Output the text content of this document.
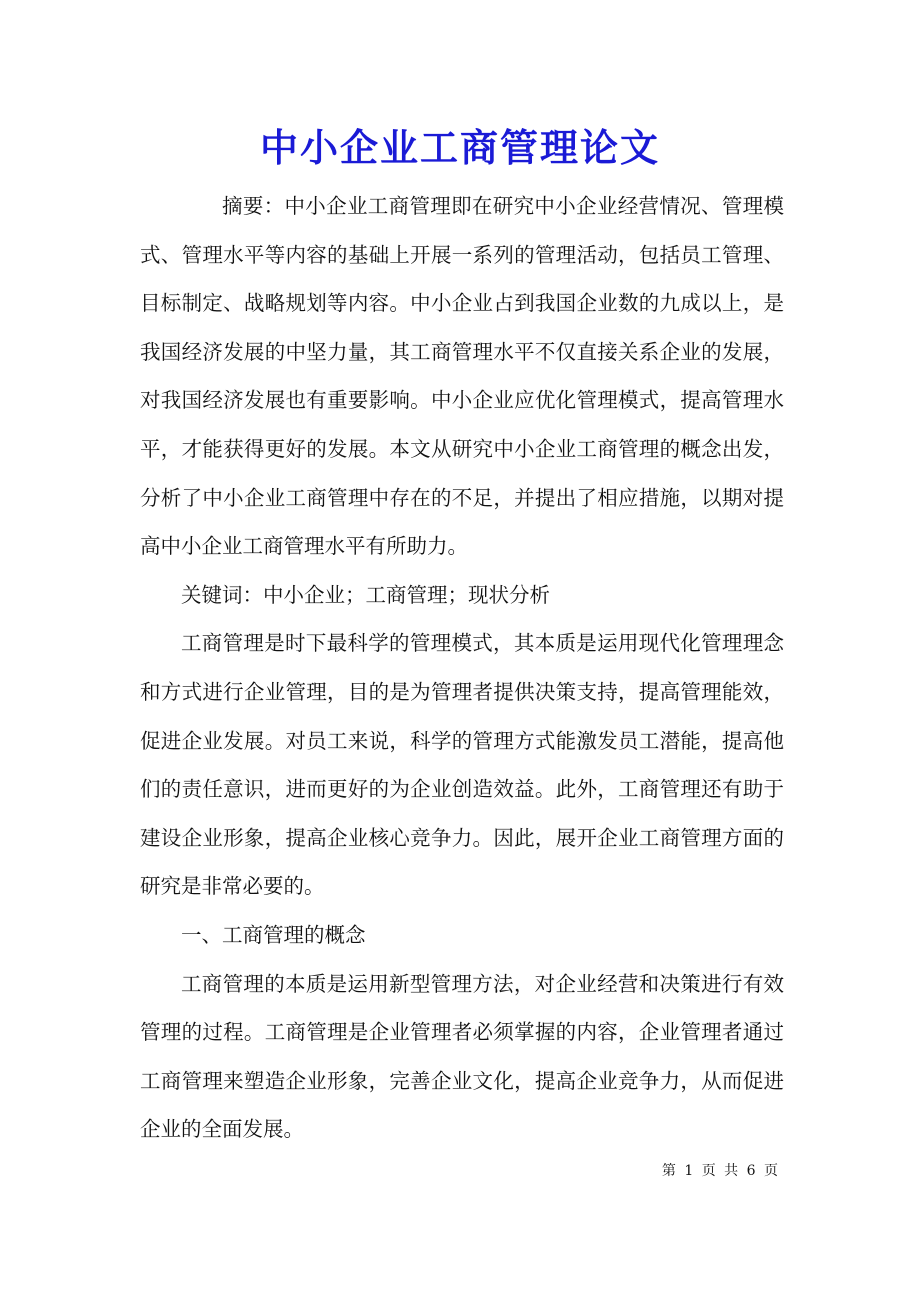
中小企业工商管理论文

摘要：中小企业工商管理即在研究中小企业经营情况、管理模式、管理水平等内容的基础上开展一系列的管理活动，包括员工管理、目标制定、战略规划等内容。中小企业占到我国企业数的九成以上，是我国经济发展的中坚力量，其工商管理水平不仅直接关系企业的发展，对我国经济发展也有重要影响。中小企业应优化管理模式，提高管理水平，才能获得更好的发展。本文从研究中小企业工商管理的概念出发，分析了中小企业工商管理中存在的不足，并提出了相应措施，以期对提高中小企业工商管理水平有所助力。

关键词：中小企业；工商管理；现状分析

工商管理是时下最科学的管理模式，其本质是运用现代化管理理念和方式进行企业管理，目的是为管理者提供决策支持，提高管理能效，促进企业发展。对员工来说，科学的管理方式能激发员工潜能，提高他们的责任意识，进而更好的为企业创造效益。此外，工商管理还有助于建设企业形象，提高企业核心竞争力。因此，展开企业工商管理方面的研究是非常必要的。

一、工商管理的概念

工商管理的本质是运用新型管理方法，对企业经营和决策进行有效管理的过程。工商管理是企业管理者必须掌握的内容，企业管理者通过工商管理来塑造企业形象，完善企业文化，提高企业竞争力，从而促进企业的全面发展。

第 1 页 共 6 页
